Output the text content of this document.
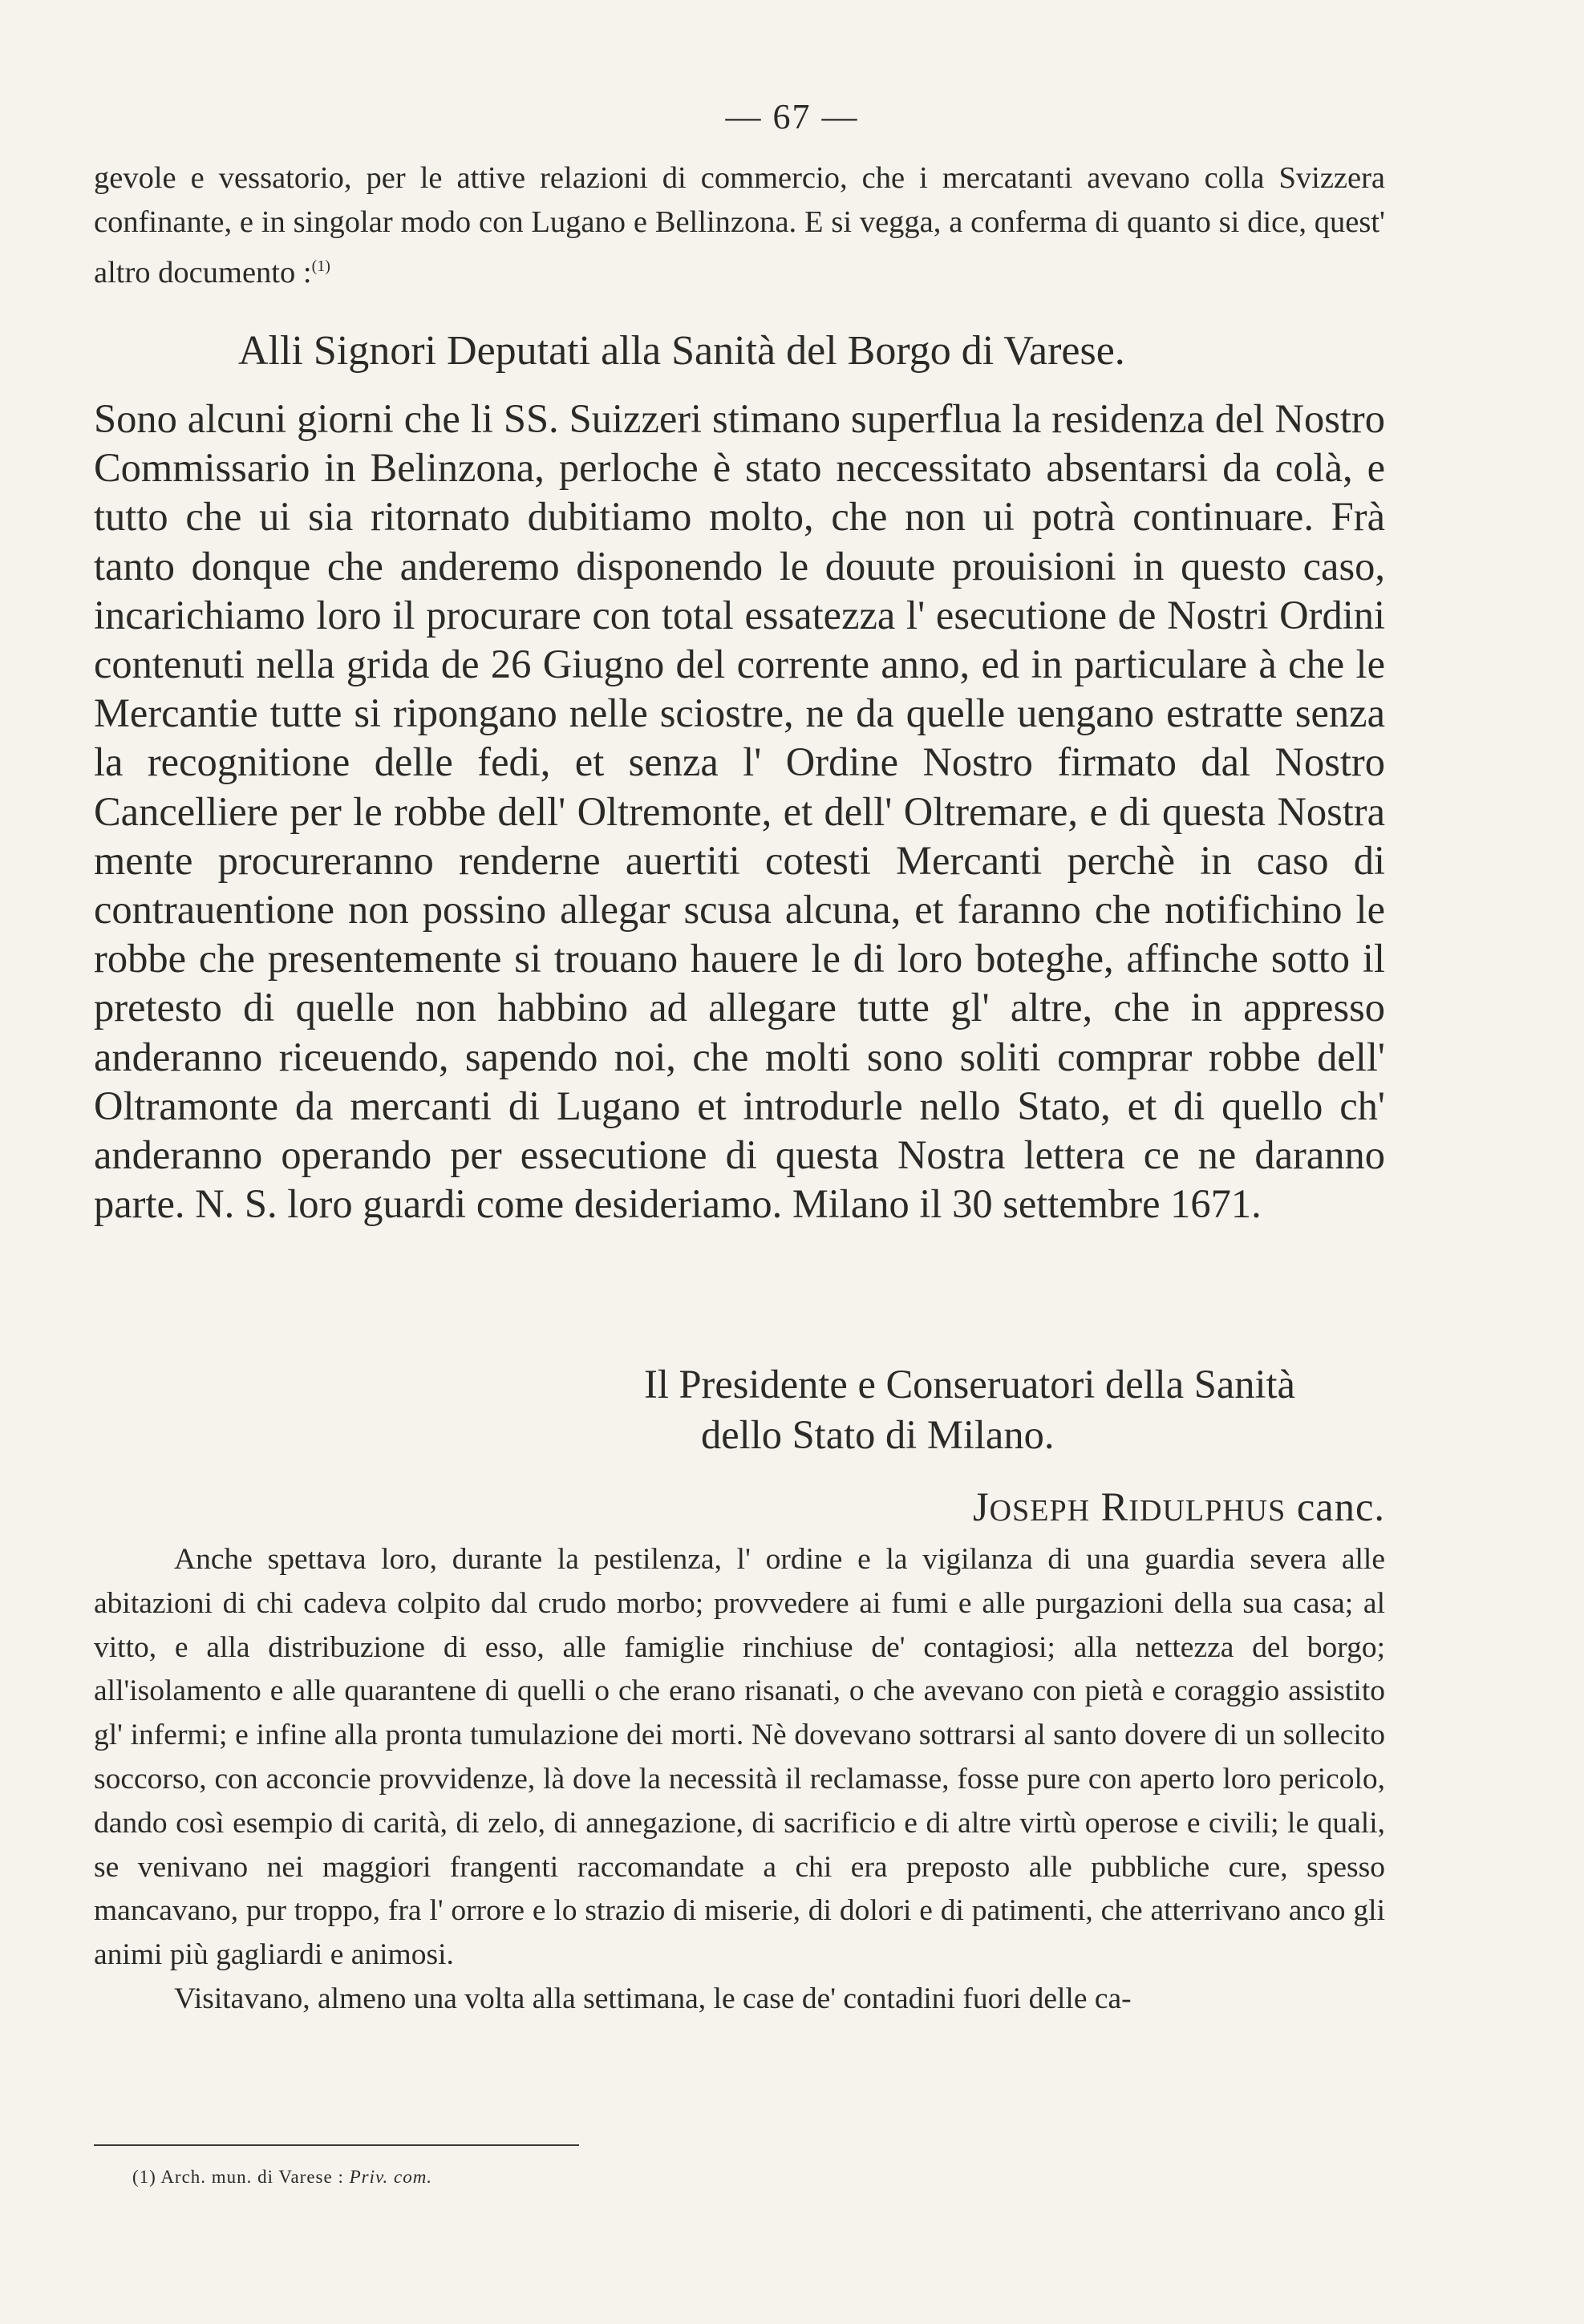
— 67 —
gevole e vessatorio, per le attive relazioni di commercio, che i mercatanti avevano colla Svizzera confinante, e in singolar modo con Lugano e Bellinzona. E si vegga, a conferma di quanto si dice, quest' altro documento :$^{(1)}$
Alli Signori Deputati alla Sanità del Borgo di Varese.
Sono alcuni giorni che li SS. Suizzeri stimano superflua la residenza del Nostro Commissario in Belinzona, perloche è stato neccessitato absentarsi da colà, e tutto che ui sia ritornato dubitiamo molto, che non ui potrà continuare. Frà tanto donque che anderemo disponendo le douute prouisioni in questo caso, incarichiamo loro il procurare con total essatezza l' esecutione de Nostri Ordini contenuti nella grida de 26 Giugno del corrente anno, ed in particulare à che le Mercantie tutte si ripongano nelle sciostre, ne da quelle uengano estratte senza la recognitione delle fedi, et senza l' Ordine Nostro firmato dal Nostro Cancelliere per le robbe dell' Oltremonte, et dell' Oltremare, e di questa Nostra mente procureranno renderne auertiti cotesti Mercanti perchè in caso di contrauentione non possino allegar scusa alcuna, et faranno che notifichino le robbe che presentemente si trouano hauere le di loro boteghe, affinche sotto il pretesto di quelle non habbino ad allegare tutte gl' altre, che in appresso anderanno riceuendo, sapendo noi, che molti sono soliti comprar robbe dell' Oltramonte da mercanti di Lugano et introdurle nello Stato, et di quello ch' anderanno operando per essecutione di questa Nostra lettera ce ne daranno parte. N. S. loro guardi come desideriamo. Milano il 30 settembre 1671.
Il Presidente e Conseruatori della Sanità
dello Stato di Milano.
JOSEPH RIDULPHUS canc.

Anche spettava loro, durante la pestilenza, l' ordine e la vigilanza di una guardia severa alle abitazioni di chi cadeva colpito dal crudo morbo; provvedere ai fumi e alle purgazioni della sua casa; al vitto, e alla distribuzione di esso, alle famiglie rinchiuse de' contagiosi; alla nettezza del borgo; all'isolamento e alle quarantene di quelli o che erano risanati, o che avevano con pietà e coraggio assistito gl' infermi; e infine alla pronta tumulazione dei morti. Nè dovevano sottrarsi al santo dovere di un sollecito soccorso, con acconcie provvidenze, là dove la necessità il reclamasse, fosse pure con aperto loro pericolo, dando così esempio di carità, di zelo, di annegazione, di sacrificio e di altre virtù operose e civili; le quali, se venivano nei maggiori frangenti raccomandate a chi era preposto alle pubbliche cure, spesso mancavano, pur troppo, fra l' orrore e lo strazio di miserie, di dolori e di patimenti, che atterrivano anco gli animi più gagliardi e animosi.

Visitavano, almeno una volta alla settimana, le case de' contadini fuori delle ca-

(1) Arch. mun. di Varese : Priv. com.
